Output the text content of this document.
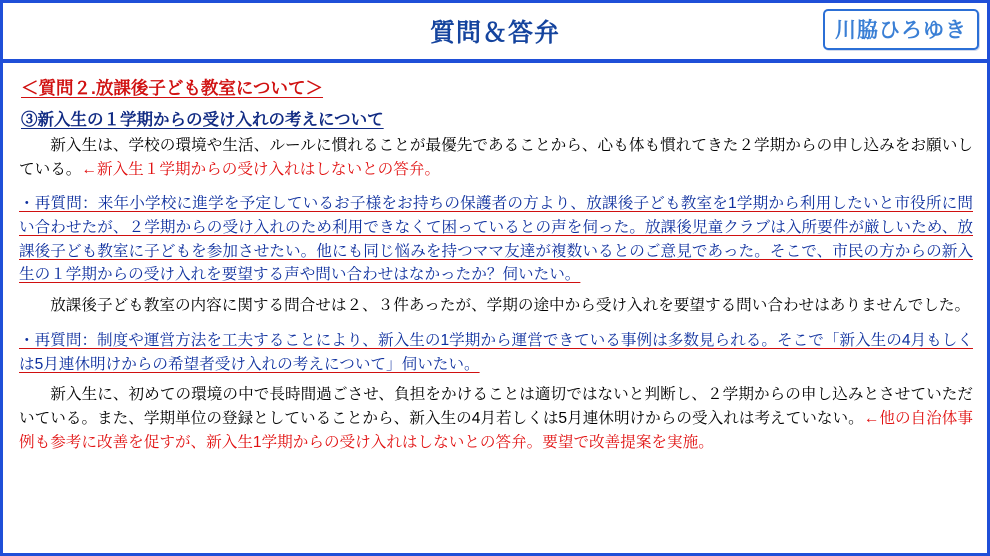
質問＆答弁	川脇ひろゆき
＜質問２.放課後子ども教室について＞
③新入生の１学期からの受け入れの考えについて

　　新入生は、学校の環境や生活、ルールに慣れることが最優先であることから、心も体も慣れてきた２学期からの申し込みをお願いしている。←新入生１学期からの受け入れはしないとの答弁。

・再質問：来年小学校に進学を予定しているお子様をお持ちの保護者の方より、放課後子ども教室を1学期から利用したいと市役所に問い合わせたが、２学期からの受け入れのため利用できなくて困っているとの声を伺った。放課後児童クラブは入所要件が厳しいため、放課後子ども教室に子どもを参加させたい。他にも同じ悩みを持つママ友達が複数いるとのご意見であった。そこで、市民の方からの新入生の１学期からの受け入れを要望する声や問い合わせはなかったか？伺いたい。

　　放課後子ども教室の内容に関する問合せは２、３件あったが、学期の途中から受け入れを要望する問い合わせはありませんでした。

・再質問：制度や運営方法を工夫することにより、新入生の1学期から運営できている事例は多数見られる。そこで「新入生の4月もしくは5月連休明けからの希望者受け入れの考えについて」伺いたい。

　　新入生に、初めての環境の中で長時間過ごさせ、負担をかけることは適切ではないと判断し、２学期からの申し込みとさせていただいている。また、学期単位の登録としていることから、新入生の4月若しくは5月連休明けからの受入れは考えていない。←他の自治体事例も参考に改善を促すが、新入生1学期からの受け入れはしないとの答弁。要望で改善提案を実施。
